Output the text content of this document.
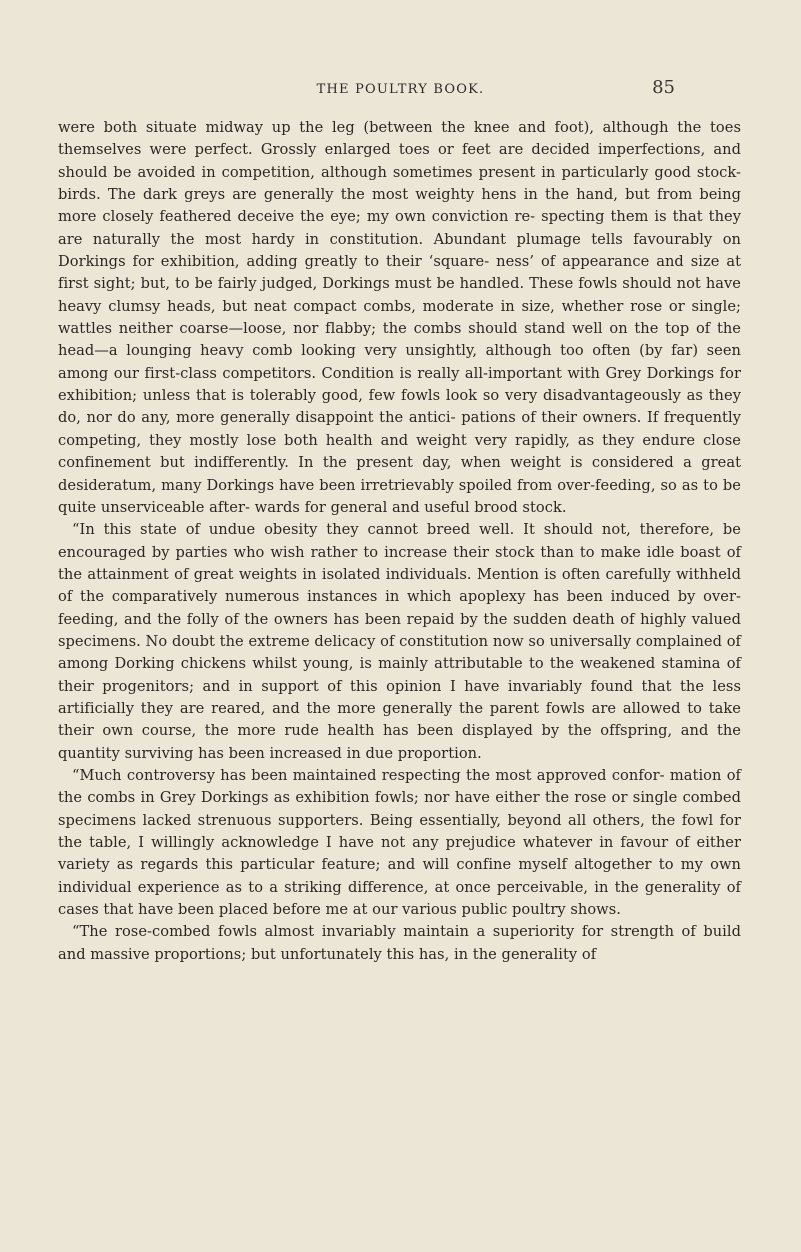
THE POULTRY BOOK.	85

were both situate midway up the leg (between the knee and foot), although the toes themselves were perfect. Grossly enlarged toes or feet are decided imperfections, and should be avoided in competition, although sometimes present in particularly good stock-birds. The dark greys are generally the most weighty hens in the hand, but from being more closely feathered deceive the eye; my own conviction re- specting them is that they are naturally the most hardy in constitution. Abundant plumage tells favourably on Dorkings for exhibition, adding greatly to their ‘square- ness’ of appearance and size at first sight; but, to be fairly judged, Dorkings must be handled. These fowls should not have heavy clumsy heads, but neat compact combs, moderate in size, whether rose or single; wattles neither coarse—loose, nor flabby; the combs should stand well on the top of the head—a lounging heavy comb looking very unsightly, although too often (by far) seen among our first-class competitors. Condition is really all-important with Grey Dorkings for exhibition; unless that is tolerably good, few fowls look so very disadvantageously as they do, nor do any, more generally disappoint the antici- pations of their owners. If frequently competing, they mostly lose both health and weight very rapidly, as they endure close confinement but indifferently. In the present day, when weight is considered a great desideratum, many Dorkings have been irretrievably spoiled from over-feeding, so as to be quite unserviceable after- wards for general and useful brood stock.

“In this state of undue obesity they cannot breed well. It should not, therefore, be encouraged by parties who wish rather to increase their stock than to make idle boast of the attainment of great weights in isolated individuals. Mention is often carefully withheld of the comparatively numerous instances in which apoplexy has been induced by over-feeding, and the folly of the owners has been repaid by the sudden death of highly valued specimens. No doubt the extreme delicacy of constitution now so universally complained of among Dorking chickens whilst young, is mainly attributable to the weakened stamina of their progenitors; and in support of this opinion I have invariably found that the less artificially they are reared, and the more generally the parent fowls are allowed to take their own course, the more rude health has been displayed by the offspring, and the quantity surviving has been increased in due proportion.

“Much controversy has been maintained respecting the most approved confor- mation of the combs in Grey Dorkings as exhibition fowls; nor have either the rose or single combed specimens lacked strenuous supporters. Being essentially, beyond all others, the fowl for the table, I willingly acknowledge I have not any prejudice whatever in favour of either variety as regards this particular feature; and will confine myself altogether to my own individual experience as to a striking difference, at once perceivable, in the generality of cases that have been placed before me at our various public poultry shows.

“The rose-combed fowls almost invariably maintain a superiority for strength of build and massive proportions; but unfortunately this has, in the generality of
